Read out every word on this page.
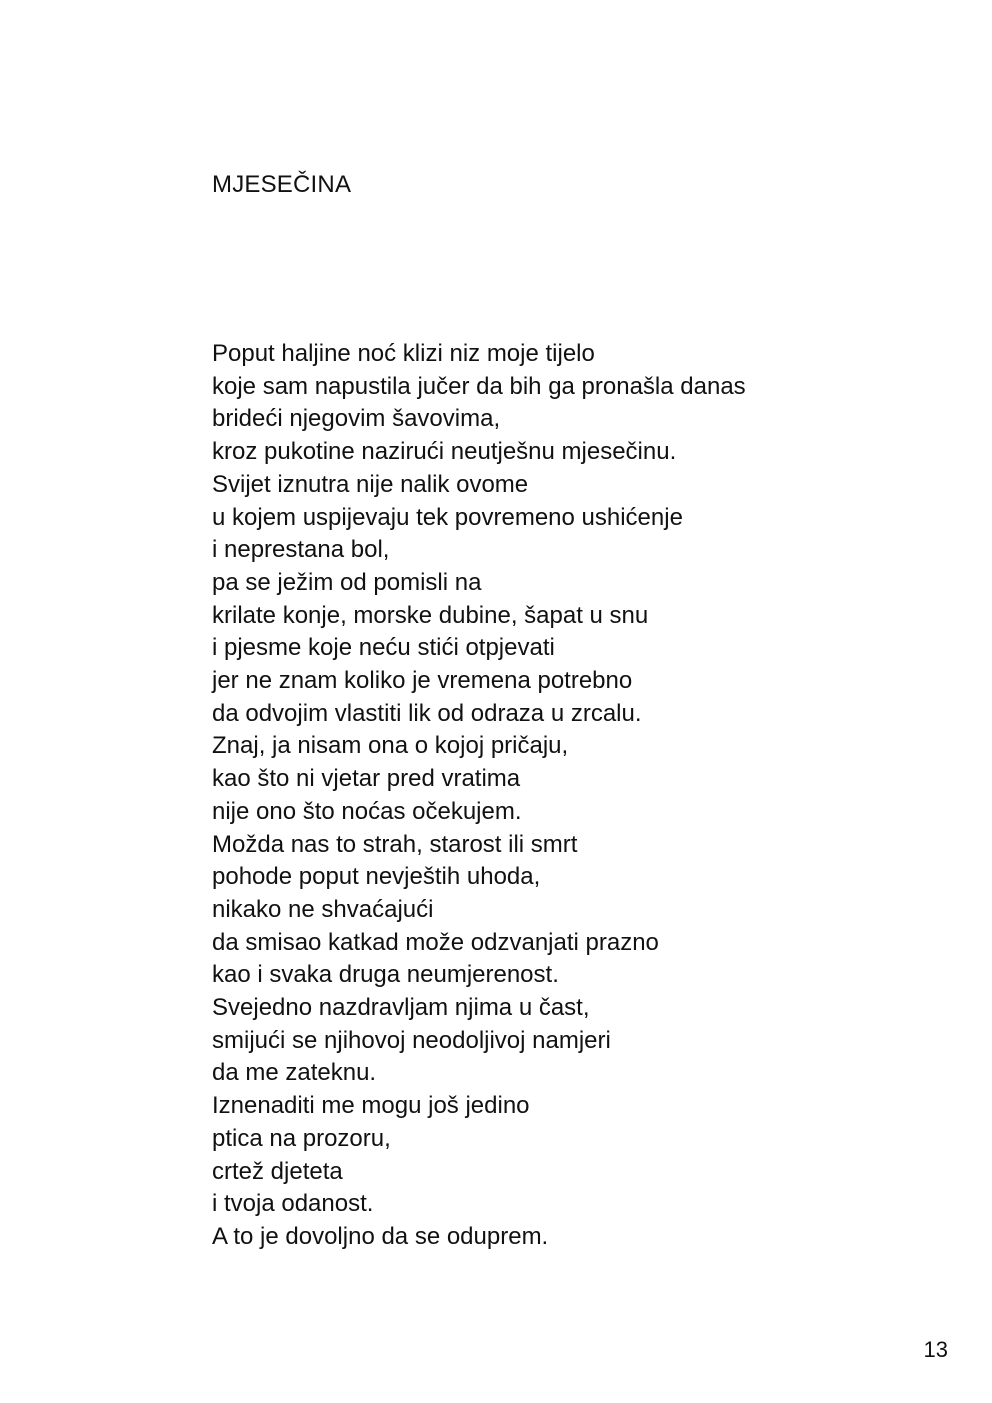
MJESEČINA
Poput haljine noć klizi niz moje tijelo
koje sam napustila jučer da bih ga pronašla danas
brideći njegovim šavovima,
kroz pukotine nazirući neutješnu mjesečinu.
Svijet iznutra nije nalik ovome
u kojem uspijevaju tek povremeno ushićenje
i neprestana bol,
pa se ježim od pomisli na
krilate konje, morske dubine, šapat u snu
i pjesme koje neću stići otpjevati
jer ne znam koliko je vremena potrebno
da odvojim vlastiti lik od odraza u zrcalu.
Znaj, ja nisam ona o kojoj pričaju,
kao što ni vjetar pred vratima
nije ono što noćas očekujem.
Možda nas to strah, starost ili smrt
pohode poput nevještih uhoda,
nikako ne shvaćajući
da smisao katkad može odzvanjati prazno
kao i svaka druga neumjerenost.
Svejedno nazdravljam njima u čast,
smijući se njihovoj neodoljivoj namjeri
da me zateknu.
Iznenaditi me mogu još jedino
ptica na prozoru,
crtež djeteta
i tvoja odanost.
A to je dovoljno da se oduprem.
13
